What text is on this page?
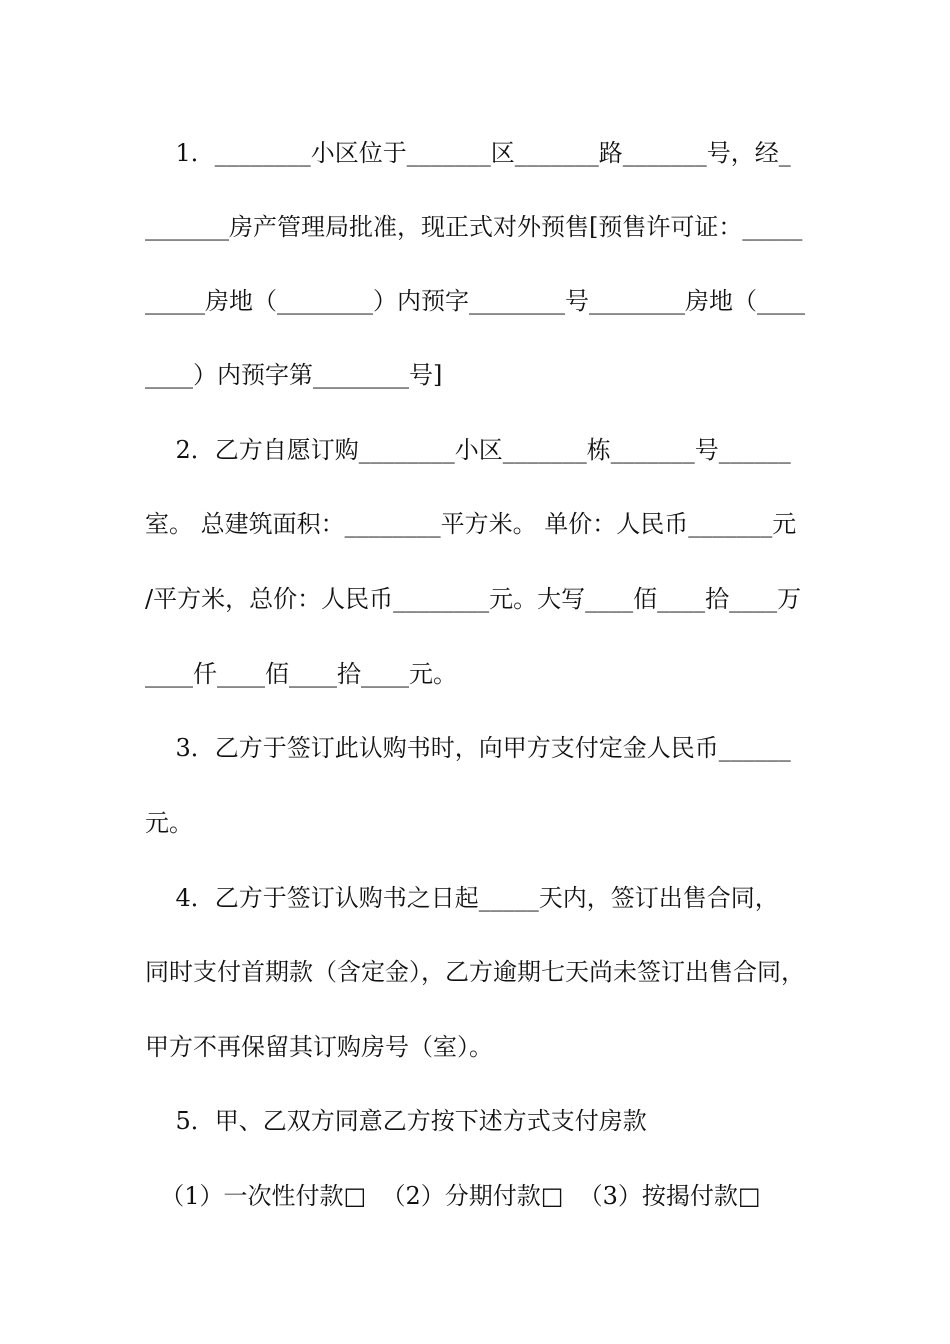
1．________小区位于_______区_______路_______号，经_
_______房产管理局批准，现正式对外预售[预售许可证：_____
_____房地（________）内预字________号________房地（____
____）内预字第________号]
2．乙方自愿订购________小区_______栋_______号______
室。 总建筑面积：________平方米。 单价：人民币_______元
/平方米，总价：人民币________元。大写____佰____拾____万
____仟____佰____拾____元。
3．乙方于签订此认购书时，向甲方支付定金人民币______
元。
4．乙方于签订认购书之日起_____天内，签订出售合同，
同时支付首期款（含定金），乙方逾期七天尚未签订出售合同，
甲方不再保留其订购房号（室）。
5．甲、乙双方同意乙方按下述方式支付房款
（1）一次性付款□  （2）分期付款□  （3）按揭付款□
